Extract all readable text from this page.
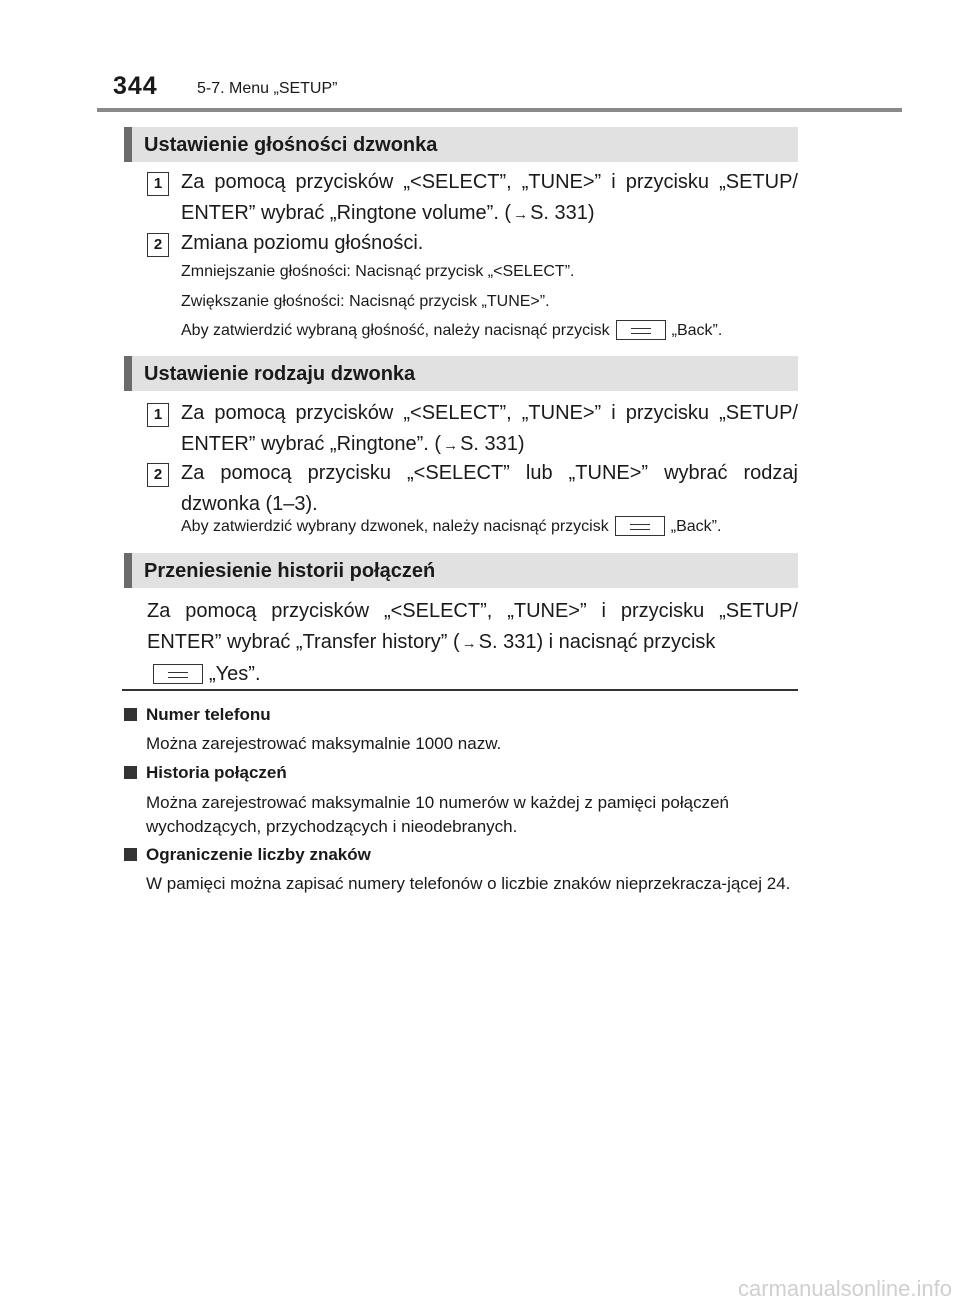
344 5-7. Menu „SETUP”
Ustawienie głośności dzwonka
1 Za pomocą przycisków „<SELECT”, „TUNE>” i przycisku „SETUP/ ENTER” wybrać „Ringtone volume”. ( → S. 331)
2 Zmiana poziomu głośności.
Zmniejszanie głośności: Nacisnąć przycisk „<SELECT”.
Zwiększanie głośności: Nacisnąć przycisk „TUNE>”.
Aby zatwierdzić wybraną głośność, należy nacisnąć przycisk	„Back”.
Ustawienie rodzaju dzwonka
1 Za pomocą przycisków „<SELECT”, „TUNE>” i przycisku „SETUP/ ENTER” wybrać „Ringtone”. ( → S. 331)
2 Za pomocą przycisku „<SELECT” lub „TUNE>” wybrać rodzaj dzwonka (1–3).
Aby zatwierdzić wybrany dzwonek, należy nacisnąć przycisk	„Back”.
Przeniesienie historii połączeń
Za pomocą przycisków „<SELECT”, „TUNE>” i przycisku „SETUP/ ENTER” wybrać „Transfer history” ( → S. 331) i nacisnąć przycisk
„Yes”.
Numer telefonu
Można zarejestrować maksymalnie 1000 nazw.
Historia połączeń
Można zarejestrować maksymalnie 10 numerów w każdej z pamięci połączeń wychodzących, przychodzących i nieodebranych.
Ograniczenie liczby znaków
W pamięci można zapisać numery telefonów o liczbie znaków nieprzekracza-jącej 24.
carmanualsonline.info
